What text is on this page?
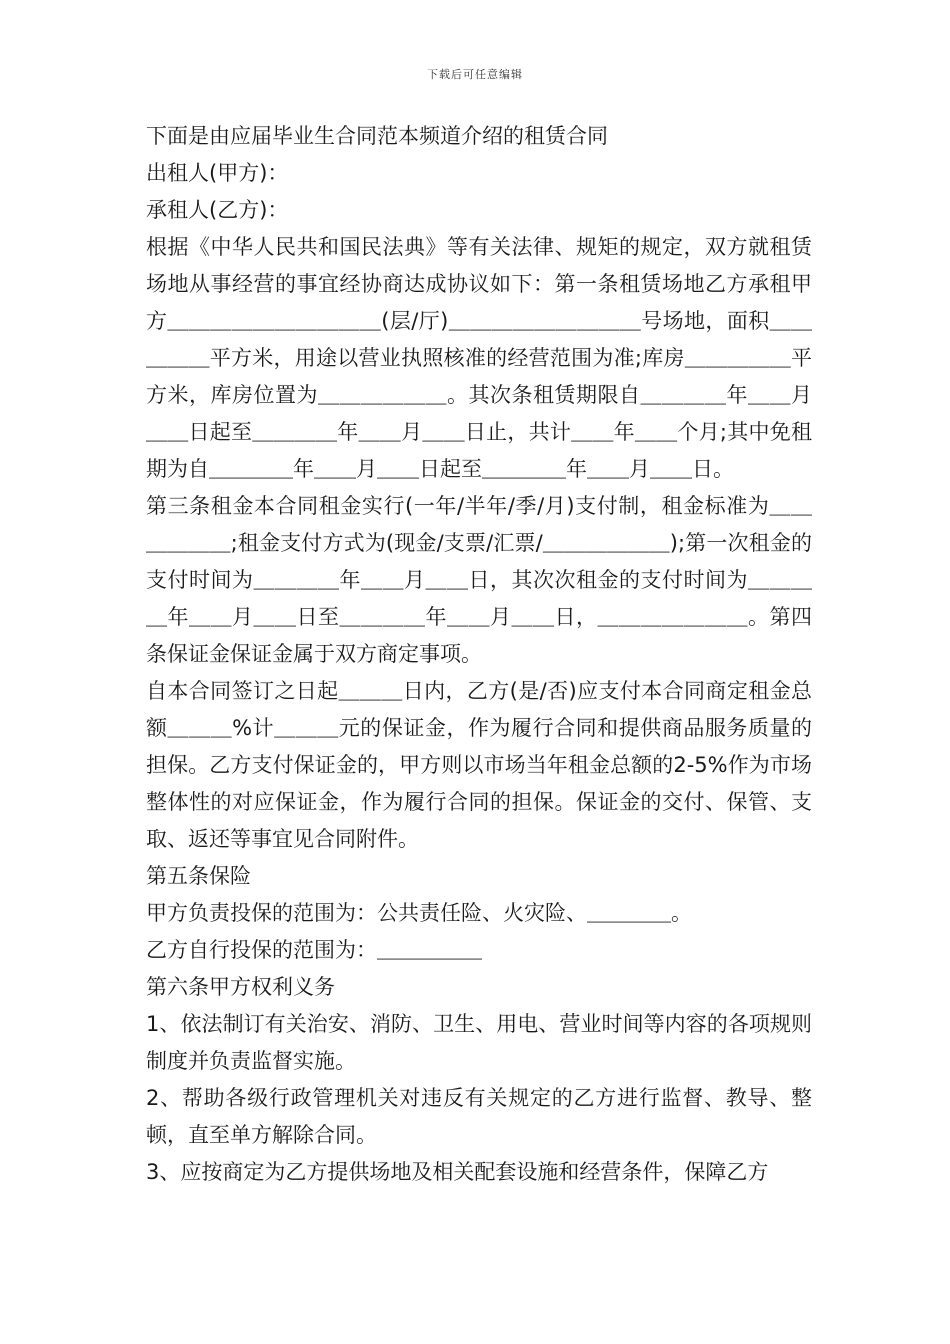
下载后可任意编辑

下面是由应届毕业生合同范本频道介绍的租赁合同

出租人(甲方)：

承租人(乙方)：

根据《中华人民共和国民法典》等有关法律、规矩的规定，双方就租赁场地从事经营的事宜经协商达成协议如下：第一条租赁场地乙方承租甲方＿＿＿＿＿＿＿＿＿＿(层/厅)＿＿＿＿＿＿＿＿＿号场地，面积＿＿＿＿＿平方米，用途以营业执照核准的经营范围为准;库房＿＿＿＿＿平方米，库房位置为＿＿＿＿＿＿。其次条租赁期限自＿＿＿＿年＿＿月＿＿日起至＿＿＿＿年＿＿月＿＿日止，共计＿＿年＿＿个月;其中免租期为自＿＿＿＿年＿＿月＿＿日起至＿＿＿＿年＿＿月＿＿日。

第三条租金本合同租金实行(一年/半年/季/月)支付制，租金标准为＿＿＿＿＿＿;租金支付方式为(现金/支票/汇票/＿＿＿＿＿＿);第一次租金的支付时间为＿＿＿＿年＿＿月＿＿日，其次次租金的支付时间为＿＿＿＿年＿＿月＿＿日至＿＿＿＿年＿＿月＿＿日，＿＿＿＿＿＿＿。第四条保证金保证金属于双方商定事项。

自本合同签订之日起＿＿＿日内，乙方(是/否)应支付本合同商定租金总额＿＿＿%计＿＿＿元的保证金，作为履行合同和提供商品服务质量的担保。乙方支付保证金的，甲方则以市场当年租金总额的2-5%作为市场整体性的对应保证金，作为履行合同的担保。保证金的交付、保管、支取、返还等事宜见合同附件。

第五条保险

甲方负责投保的范围为：公共责任险、火灾险、＿＿＿＿。

乙方自行投保的范围为：＿＿＿＿＿

第六条甲方权利义务

1、依法制订有关治安、消防、卫生、用电、营业时间等内容的各项规则制度并负责监督实施。

2、帮助各级行政管理机关对违反有关规定的乙方进行监督、教导、整顿，直至单方解除合同。

3、应按商定为乙方提供场地及相关配套设施和经营条件，保障乙方
